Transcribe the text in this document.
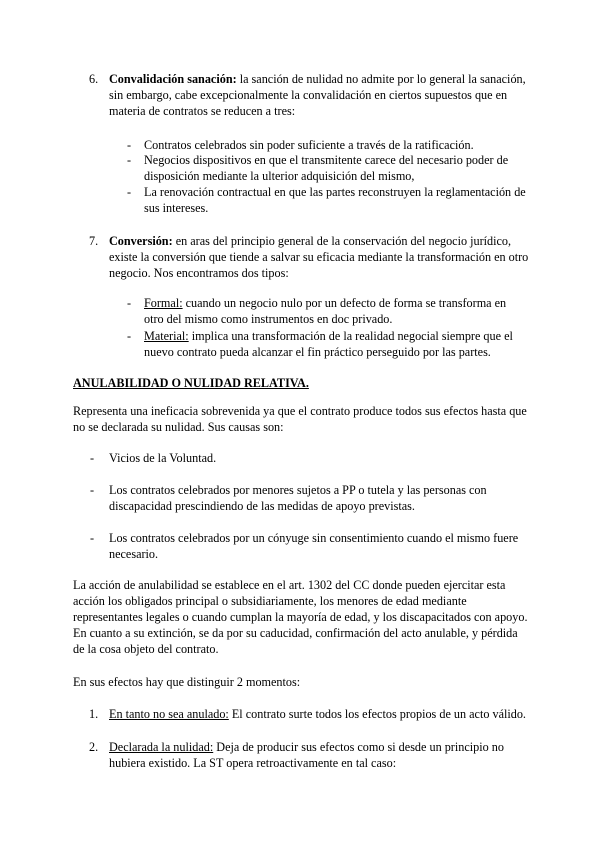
6. Convalidación sanación: la sanción de nulidad no admite por lo general la sanación,
sin embargo, cabe excepcionalmente la convalidación en ciertos supuestos que en
materia de contratos se reducen a tres:
- Contratos celebrados sin poder suficiente a través de la ratificación.
- Negocios dispositivos en que el transmitente carece del necesario poder de
disposición mediante la ulterior adquisición del mismo,
- La renovación contractual en que las partes reconstruyen la reglamentación de
sus intereses.
7. Conversión: en aras del principio general de la conservación del negocio jurídico,
existe la conversión que tiende a salvar su eficacia mediante la transformación en otro
negocio. Nos encontramos dos tipos:
- Formal: cuando un negocio nulo por un defecto de forma se transforma en
otro del mismo como instrumentos en doc privado.
- Material: implica una transformación de la realidad negocial siempre que el
nuevo contrato pueda alcanzar el fin práctico perseguido por las partes.
ANULABILIDAD O NULIDAD RELATIVA.
Representa una ineficacia sobrevenida ya que el contrato produce todos sus efectos hasta que
no se declarada su nulidad. Sus causas son:
- Vicios de la Voluntad.
- Los contratos celebrados por menores sujetos a PP o tutela y las personas con
discapacidad prescindiendo de las medidas de apoyo previstas.
- Los contratos celebrados por un cónyuge sin consentimiento cuando el mismo fuere
necesario.
La acción de anulabilidad se establece en el art. 1302 del CC donde pueden ejercitar esta
acción los obligados principal o subsidiariamente, los menores de edad mediante
representantes legales o cuando cumplan la mayoría de edad, y los discapacitados con apoyo.
En cuanto a su extinción, se da por su caducidad, confirmación del acto anulable, y pérdida
de la cosa objeto del contrato.
En sus efectos hay que distinguir 2 momentos:
1. En tanto no sea anulado: El contrato surte todos los efectos propios de un acto válido.
2. Declarada la nulidad: Deja de producir sus efectos como si desde un principio no
hubiera existido. La ST opera retroactivamente en tal caso:
